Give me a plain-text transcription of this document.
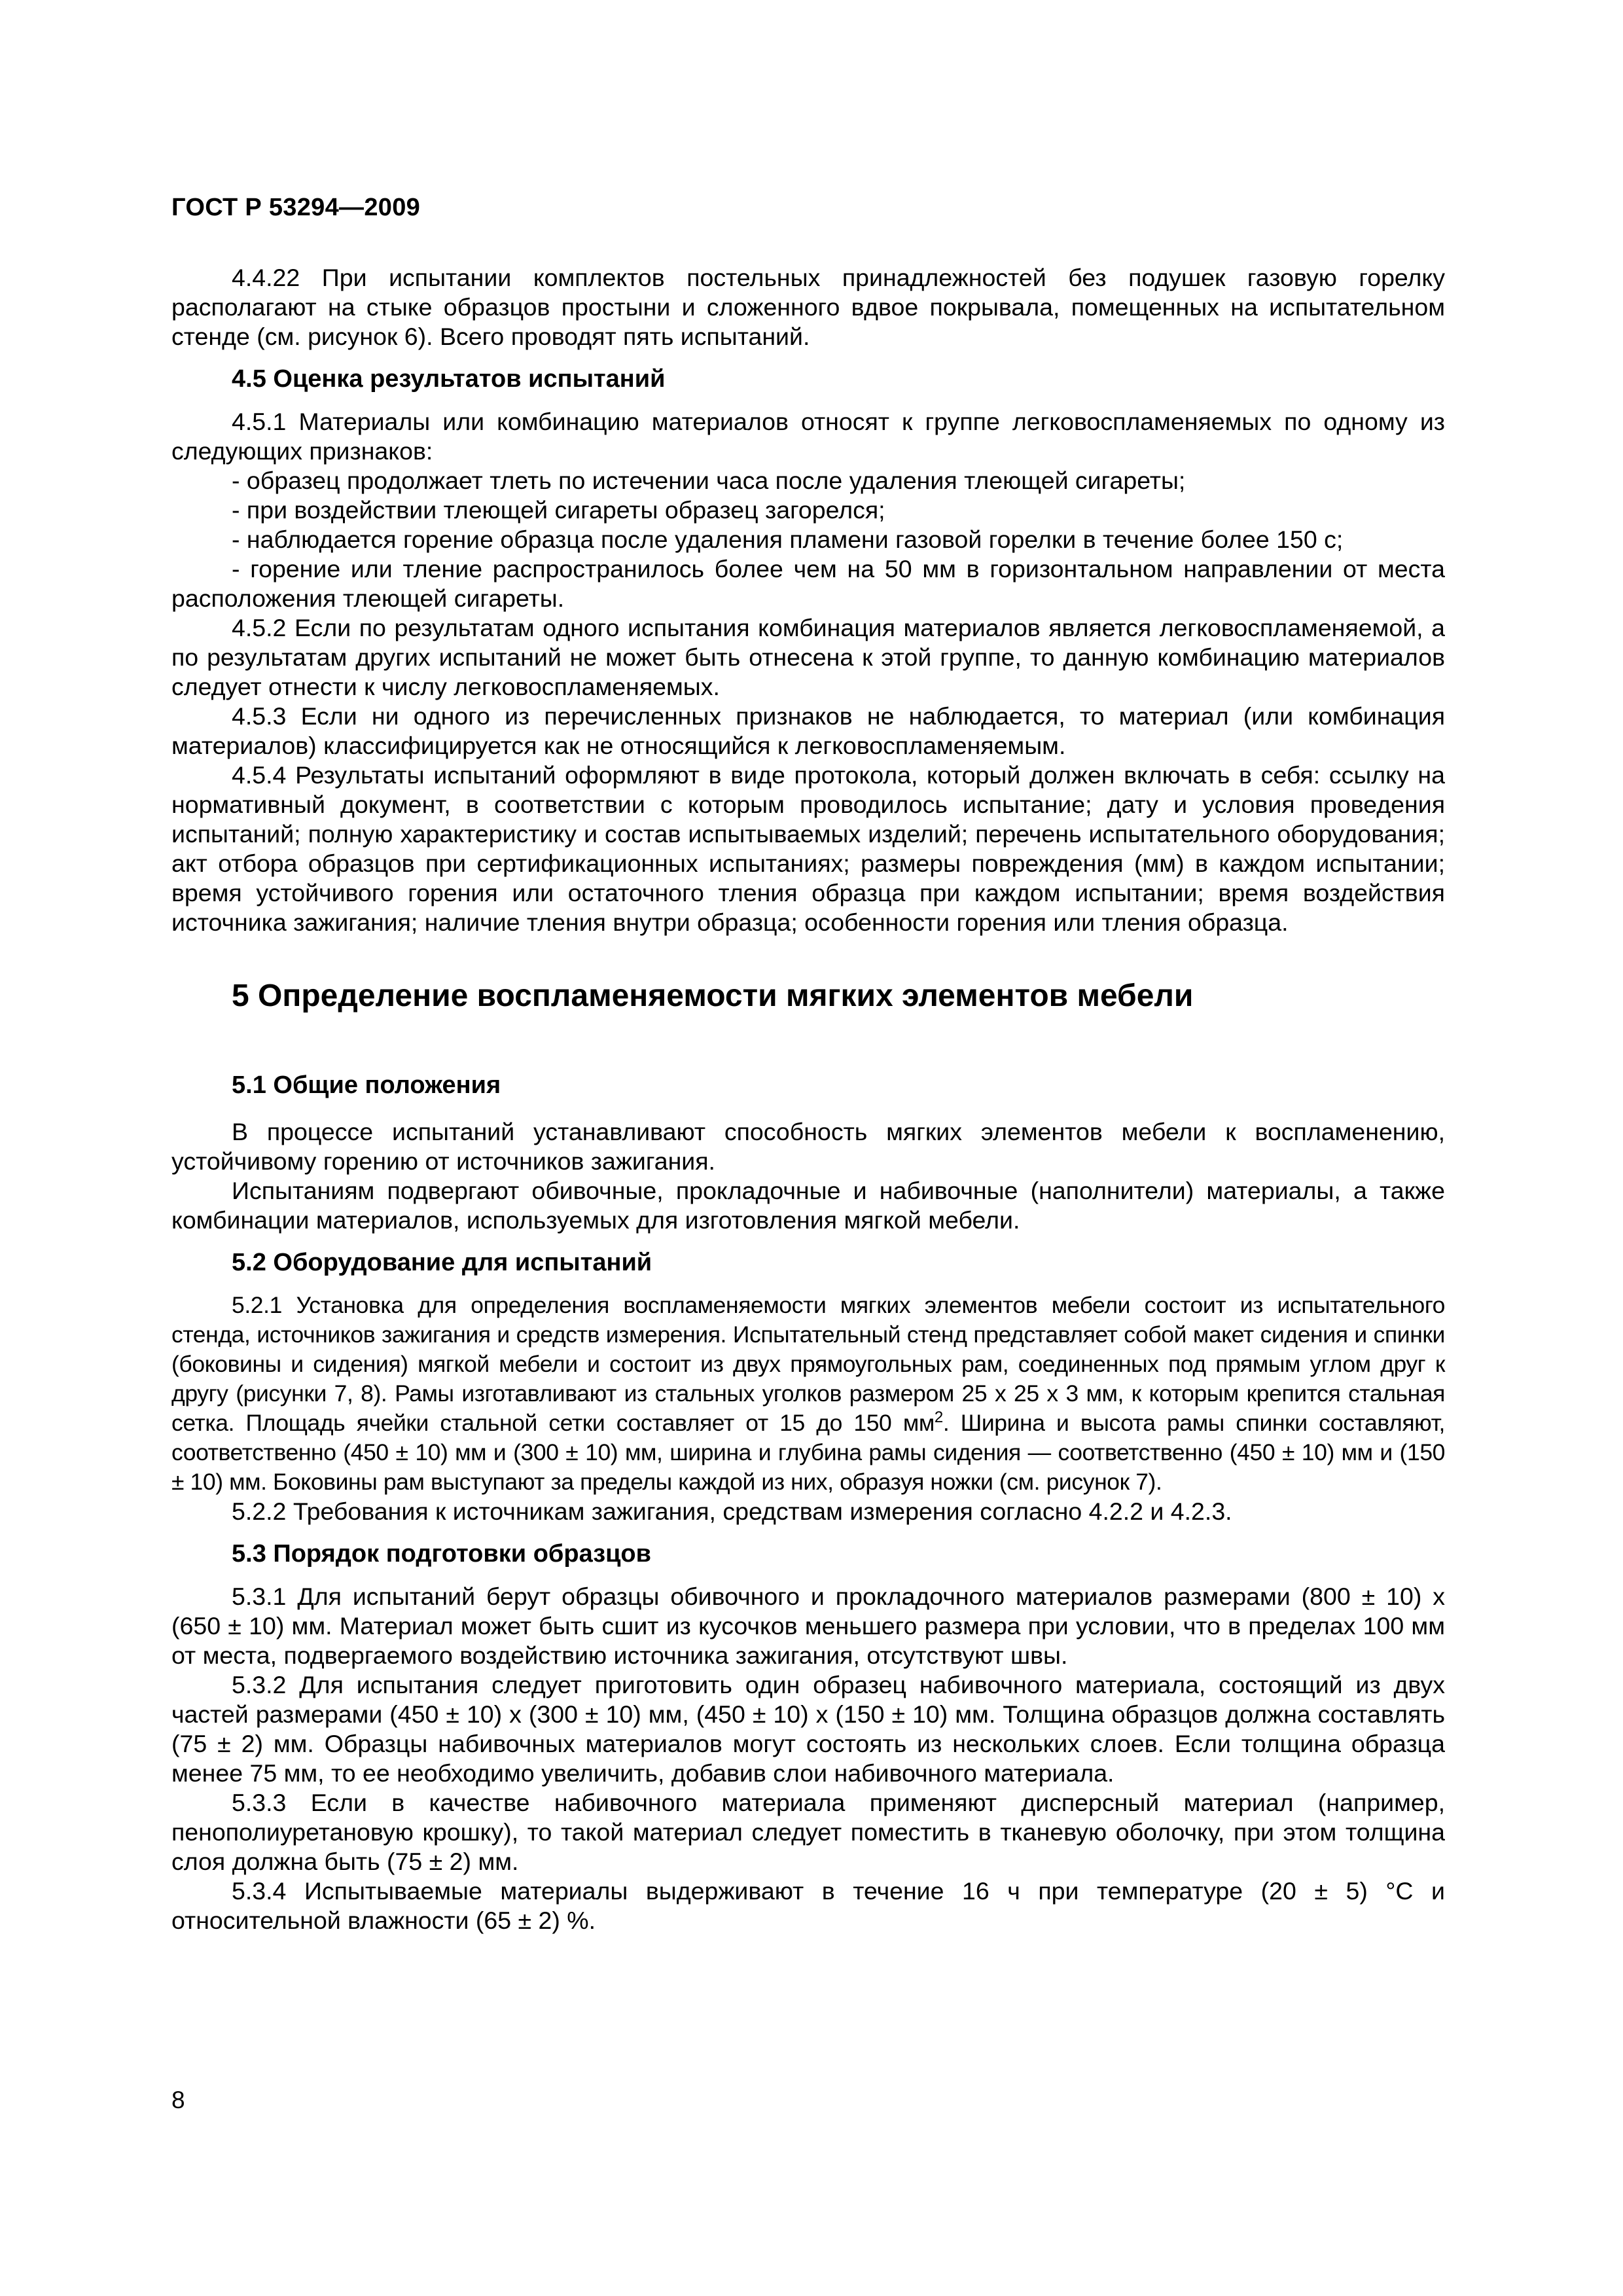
ГОСТ Р 53294—2009

4.4.22 При испытании комплектов постельных принадлежностей без подушек газовую горелку располагают на стыке образцов простыни и сложенного вдвое покрывала, помещенных на испытательном стенде (см. рисунок 6). Всего проводят пять испытаний.

4.5 Оценка результатов испытаний

4.5.1 Материалы или комбинацию материалов относят к группе легковоспламеняемых по одному из следующих признаков:

- образец продолжает тлеть по истечении часа после удаления тлеющей сигареты;

- при воздействии тлеющей сигареты образец загорелся;

- наблюдается горение образца после удаления пламени газовой горелки в течение более 150 с;

- горение или тление распространилось более чем на 50 мм в горизонтальном направлении от места расположения тлеющей сигареты.

4.5.2 Если по результатам одного испытания комбинация материалов является легковоспламеняемой, а по результатам других испытаний не может быть отнесена к этой группе, то данную комбинацию материалов следует отнести к числу легковоспламеняемых.

4.5.3 Если ни одного из перечисленных признаков не наблюдается, то материал (или комбинация материалов) классифицируется как не относящийся к легковоспламеняемым.

4.5.4 Результаты испытаний оформляют в виде протокола, который должен включать в себя: ссылку на нормативный документ, в соответствии с которым проводилось испытание; дату и условия проведения испытаний; полную характеристику и состав испытываемых изделий; перечень испытательного оборудования; акт отбора образцов при сертификационных испытаниях; размеры повреждения (мм) в каждом испытании; время устойчивого горения или остаточного тления образца при каждом испытании; время воздействия источника зажигания; наличие тления внутри образца; особенности горения или тления образца.

5 Определение воспламеняемости мягких элементов мебели

5.1 Общие положения

В процессе испытаний устанавливают способность мягких элементов мебели к воспламенению, устойчивому горению от источников зажигания.

Испытаниям подвергают обивочные, прокладочные и набивочные (наполнители) материалы, а также комбинации материалов, используемых для изготовления мягкой мебели.

5.2 Оборудование для испытаний

5.2.1 Установка для определения воспламеняемости мягких элементов мебели состоит из испытательного стенда, источников зажигания и средств измерения. Испытательный стенд представляет собой макет сидения и спинки (боковины и сидения) мягкой мебели и состоит из двух прямоугольных рам, соединенных под прямым углом друг к другу (рисунки 7, 8). Рамы изготавливают из стальных уголков размером 25 x 25 x 3 мм, к которым крепится стальная сетка. Площадь ячейки стальной сетки составляет от 15 до 150 $мм^2$. Ширина и высота рамы спинки составляют, соответственно (450 ± 10) мм и (300 ± 10) мм, ширина и глубина рамы сидения — соответственно (450 ± 10) мм и (150 ± 10) мм. Боковины рам выступают за пределы каждой из них, образуя ножки (см. рисунок 7).

5.2.2 Требования к источникам зажигания, средствам измерения согласно 4.2.2 и 4.2.3.

5.3 Порядок подготовки образцов

5.3.1 Для испытаний берут образцы обивочного и прокладочного материалов размерами (800 ± 10) x (650 ± 10) мм. Материал может быть сшит из кусочков меньшего размера при условии, что в пределах 100 мм от места, подвергаемого воздействию источника зажигания, отсутствуют швы.

5.3.2 Для испытания следует приготовить один образец набивочного материала, состоящий из двух частей размерами (450 ± 10) x (300 ± 10) мм, (450 ± 10) x (150 ± 10) мм. Толщина образцов должна составлять (75 ± 2) мм. Образцы набивочных материалов могут состоять из нескольких слоев. Если толщина образца менее 75 мм, то ее необходимо увеличить, добавив слои набивочного материала.

5.3.3 Если в качестве набивочного материала применяют дисперсный материал (например, пенополиуретановую крошку), то такой материал следует поместить в тканевую оболочку, при этом толщина слоя должна быть (75 ± 2) мм.

5.3.4 Испытываемые материалы выдерживают в течение 16 ч при температуре (20 ± 5) °С и относительной влажности (65 ± 2) %.

8
